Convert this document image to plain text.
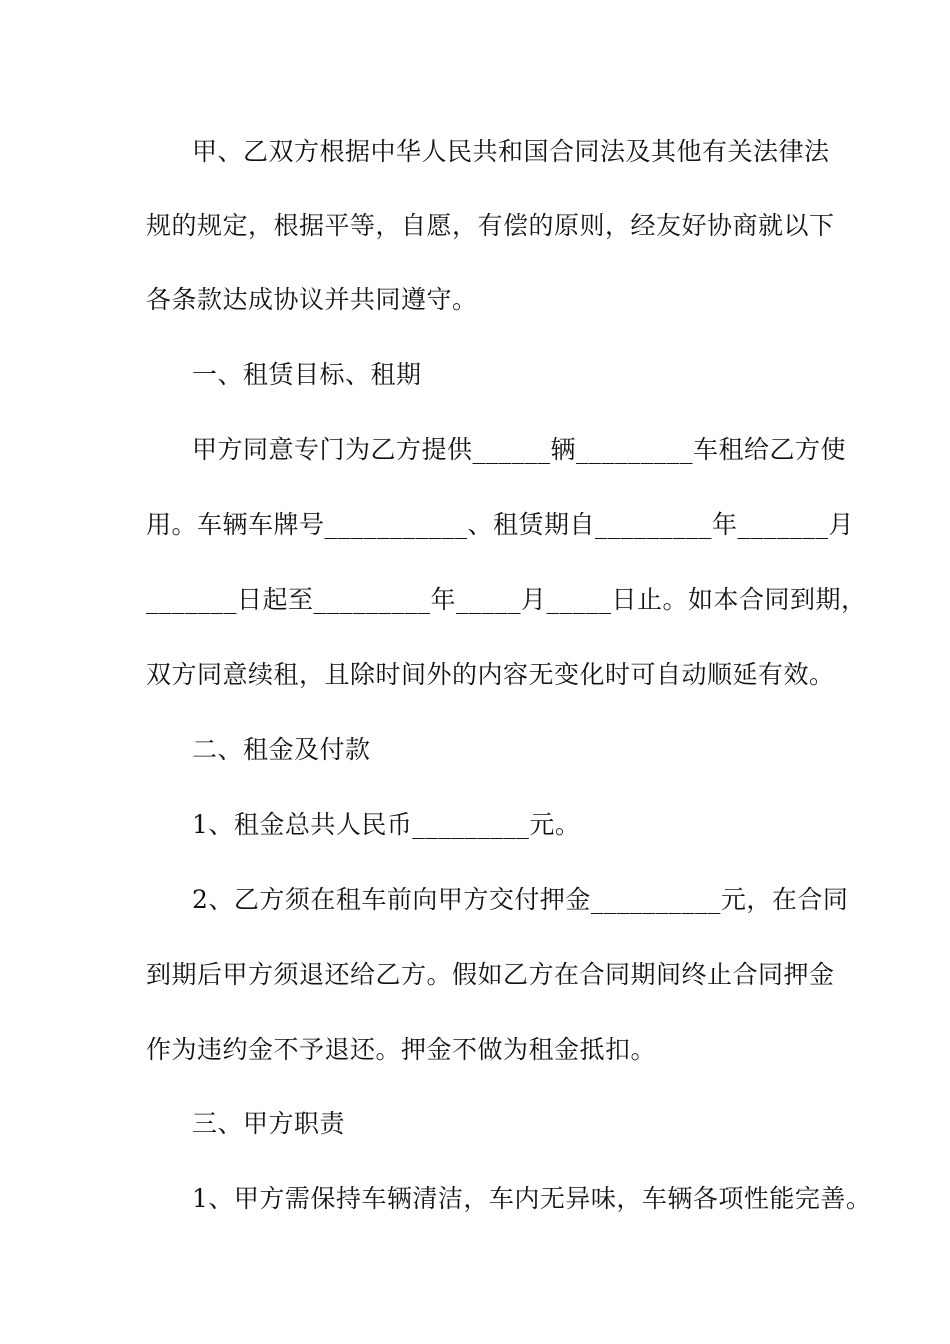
甲、乙双方根据中华人民共和国合同法及其他有关法律法
规的规定，根据平等，自愿，有偿的原则，经友好协商就以下
各条款达成协议并共同遵守。
一、租赁目标、租期
甲方同意专门为乙方提供______辆_________车租给乙方使
用。车辆车牌号___________、租赁期自_________年_______月
_______日起至_________年_____月_____日止。如本合同到期，
双方同意续租，且除时间外的内容无变化时可自动顺延有效。
二、租金及付款
1、租金总共人民币_________元。
2、乙方须在租车前向甲方交付押金__________元，在合同
到期后甲方须退还给乙方。假如乙方在合同期间终止合同押金
作为违约金不予退还。押金不做为租金抵扣。
三、甲方职责
1、甲方需保持车辆清洁，车内无异味，车辆各项性能完善。
